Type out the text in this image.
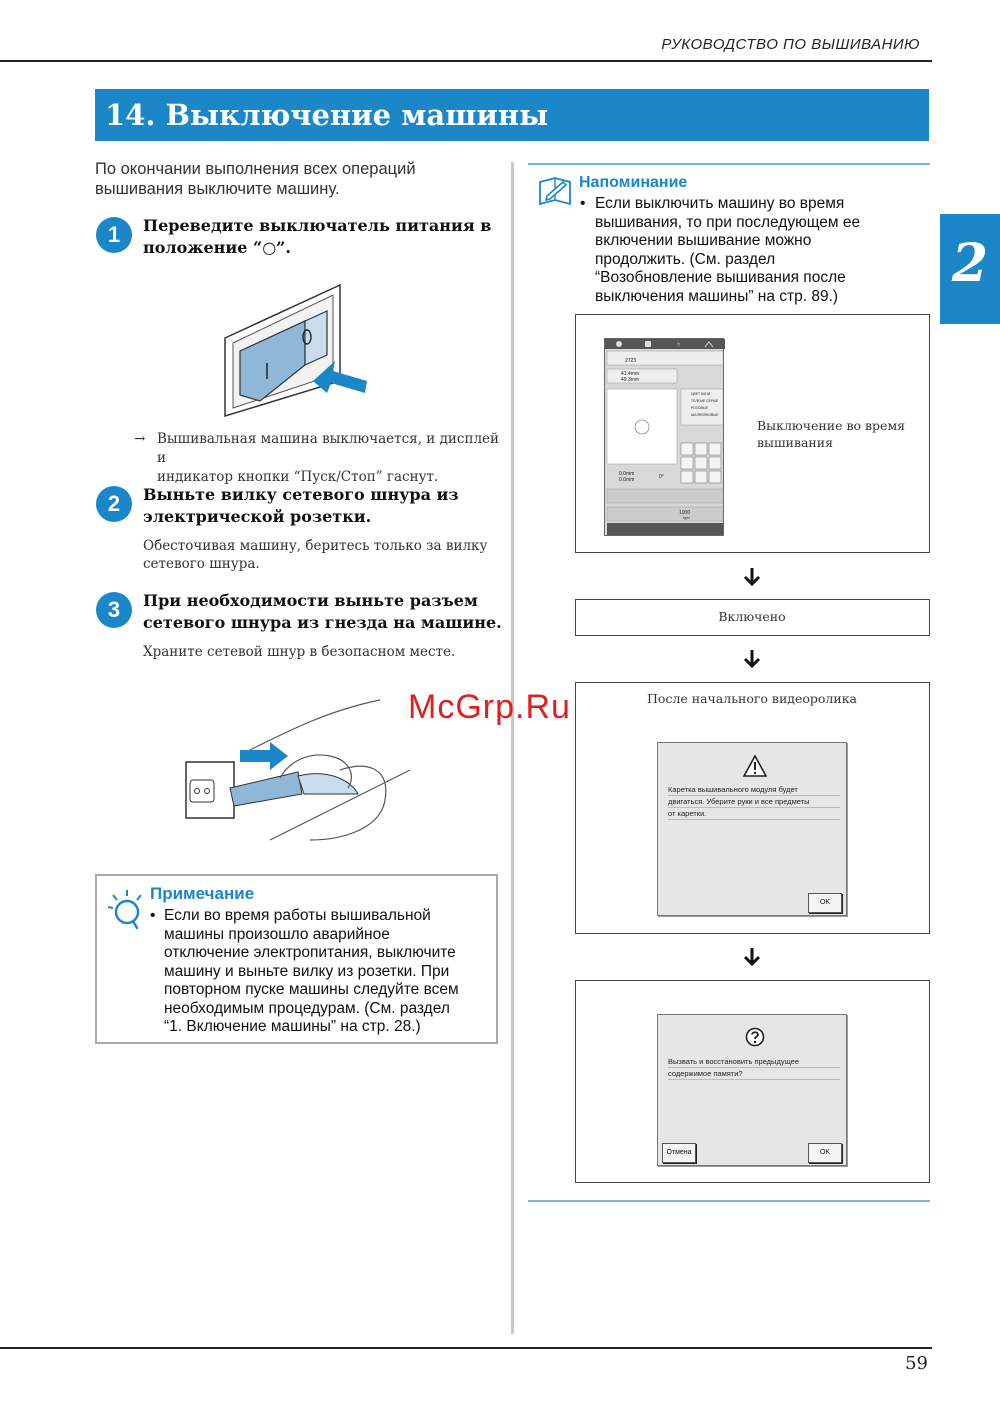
РУКОВОДСТВО ПО ВЫШИВАНИЮ
14. Выключение машины
2
По окончании выполнения всех операций вышивания выключите машину.
1	Переведите выключатель питания в
положение “○”.
→ Вышивальная машина выключается, и дисплей и
индикатор кнопки “Пуск/Стоп” гаснут.
2	Выньте вилку сетевого шнура из
электрической розетки.
Обесточивая машину, беритесь только за вилку
сетевого шнура.
3	При необходимости выньте разъем
сетевого шнура из гнезда на машине.
Храните сетевой шнур в безопасном месте.
Примечание
• Если во время работы вышивальной
машины произошло аварийное
отключение электропитания, выключите
машину и выньте вилку из розетки. При
повторном пуске машины следуйте всем
необходимым процедурам. (См. раздел
“1. Включение машины” на стр. 28.)
Напоминание
• Если выключить машину во время
вышивания, то при последующем ее
включении вышивание можно
продолжить. (См. раздел
“Возобновление вышивания после
выключения машины” на стр. 89.)
?
2723
41.4mm
49.3mm
ЦВЕТ КАНИ
ТЕЛЕЫЕ СЕРЫЕ
РОЗОВЫЕ
ШАЛФЕЙНОВЫЕ
0.0mm
0.0mm	0°
1000
spm
Выключение во время
вышивания
Включено
После начального видеоролика
Каретка вышивального модуля будет
двигаться. Уберите руки и все предметы
от каретки.
OK
Вызвать и восстановить предыдущее
содержимое памяти?
Отмена	OK
McGrp.Ru
59
